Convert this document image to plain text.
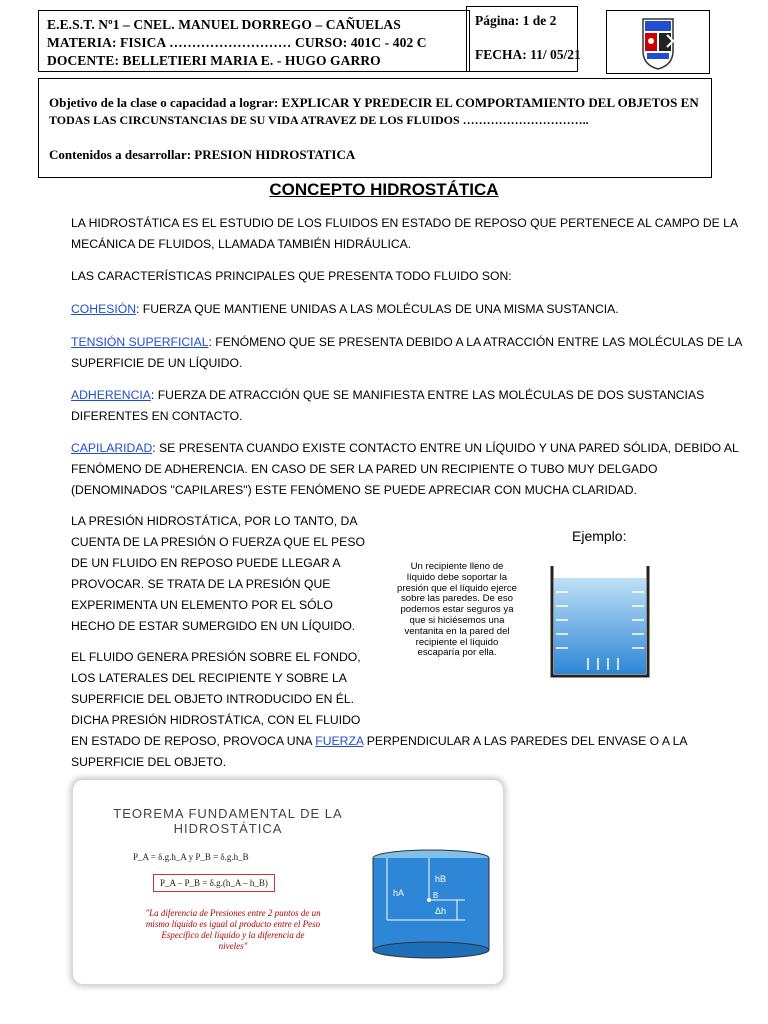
E.E.S.T. Nº1 – CNEL. MANUEL DORREGO – CAÑUELAS
MATERIA: FISICA ……………………… CURSO: 401C - 402 C
DOCENTE: BELLETIERI MARIA E. - HUGO GARRO
Página: 1 de 2
FECHA: 11/ 05/21
Objetivo de la clase o capacidad a lograr: EXPLICAR Y PREDECIR EL COMPORTAMIENTO DEL OBJETOS EN
TODAS LAS CIRCUNSTANCIAS DE SU VIDA ATRAVEZ DE LOS FLUIDOS …………………………..
Contenidos a desarrollar: PRESION HIDROSTATICA
CONCEPTO HIDROSTÁTICA
LA HIDROSTÁTICA ES EL ESTUDIO DE LOS FLUIDOS EN ESTADO DE REPOSO QUE PERTENECE AL CAMPO DE LA
MECÁNICA DE FLUIDOS, LLAMADA TAMBIÉN HIDRÁULICA.
LAS CARACTERÍSTICAS PRINCIPALES QUE PRESENTA TODO FLUIDO SON:
COHESIÓN: FUERZA QUE MANTIENE UNIDAS A LAS MOLÉCULAS DE UNA MISMA SUSTANCIA.
TENSIÓN SUPERFICIAL: FENÓMENO QUE SE PRESENTA DEBIDO A LA ATRACCIÓN ENTRE LAS MOLÉCULAS DE LA
SUPERFICIE DE UN LÍQUIDO.
ADHERENCIA: FUERZA DE ATRACCIÓN QUE SE MANIFIESTA ENTRE LAS MOLÉCULAS DE DOS SUSTANCIAS
DIFERENTES EN CONTACTO.
CAPILARIDAD: SE PRESENTA CUANDO EXISTE CONTACTO ENTRE UN LÍQUIDO Y UNA PARED SÓLIDA, DEBIDO AL
FENÓMENO DE ADHERENCIA. EN CASO DE SER LA PARED UN RECIPIENTE O TUBO MUY DELGADO
(DENOMINADOS "CAPILARES") ESTE FENÓMENO SE PUEDE APRECIAR CON MUCHA CLARIDAD.
LA PRESIÓN HIDROSTÁTICA, POR LO TANTO, DA
CUENTA DE LA PRESIÓN O FUERZA QUE EL PESO
DE UN FLUIDO EN REPOSO PUEDE LLEGAR A
PROVOCAR. SE TRATA DE LA PRESIÓN QUE
EXPERIMENTA UN ELEMENTO POR EL SÓLO
HECHO DE ESTAR SUMERGIDO EN UN LÍQUIDO.
EL FLUIDO GENERA PRESIÓN SOBRE EL FONDO,
LOS LATERALES DEL RECIPIENTE Y SOBRE LA
SUPERFICIE DEL OBJETO INTRODUCIDO EN ÉL.
DICHA PRESIÓN HIDROSTÁTICA, CON EL FLUIDO
EN ESTADO DE REPOSO, PROVOCA UNA FUERZA PERPENDICULAR A LAS PAREDES DEL ENVASE O A LA
SUPERFICIE DEL OBJETO.
Ejemplo:
Un recipiente lleno de
líquido debe soportar la
presión que el líquido ejerce
sobre las paredes. De eso
podemos estar seguros ya
que si hiciésemos una
ventanita en la pared del
recipiente el líquido
escaparía por ella.
TEOREMA FUNDAMENTAL DE LA
HIDROSTÁTICA
P_A = δ.g.h_A y P_B = δ.g.h_B
P_A – P_B = δ.g.(h_A – h_B)
"La diferencia de Presiones entre 2 puntos de un
mismo líquido es igual al producto entre el Peso
Específico del líquido y la diferencia de
niveles"
hA
hB
B
Δh
